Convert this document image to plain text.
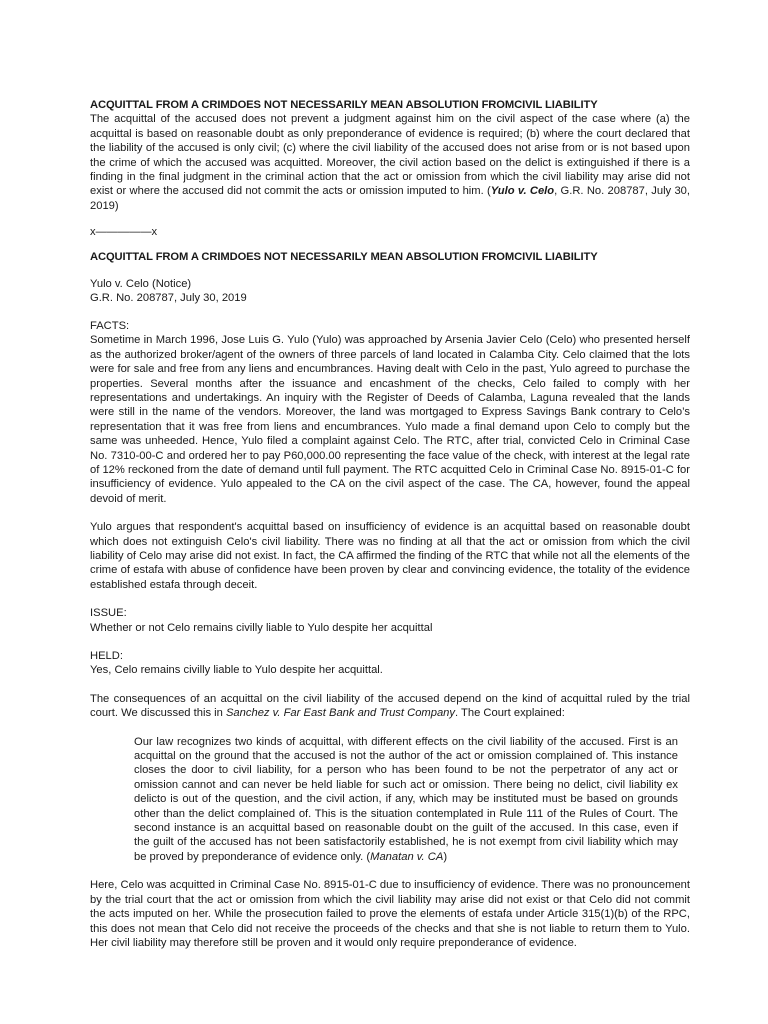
ACQUITTAL FROM A CRIMDOES NOT NECESSARILY MEAN ABSOLUTION FROMCIVIL LIABILITY

The acquittal of the accused does not prevent a judgment against him on the civil aspect of the case where (a) the acquittal is based on reasonable doubt as only preponderance of evidence is required; (b) where the court declared that the liability of the accused is only civil; (c) where the civil liability of the accused does not arise from or is not based upon the crime of which the accused was acquitted. Moreover, the civil action based on the delict is extinguished if there is a finding in the final judgment in the criminal action that the act or omission from which the civil liability may arise did not exist or where the accused did not commit the acts or omission imputed to him. (Yulo v. Celo, G.R. No. 208787, July 30, 2019)

x—————x
ACQUITTAL FROM A CRIMDOES NOT NECESSARILY MEAN ABSOLUTION FROMCIVIL LIABILITY
Yulo v. Celo (Notice)
G.R. No. 208787, July 30, 2019
FACTS:

Sometime in March 1996, Jose Luis G. Yulo (Yulo) was approached by Arsenia Javier Celo (Celo) who presented herself as the authorized broker/agent of the owners of three parcels of land located in Calamba City. Celo claimed that the lots were for sale and free from any liens and encumbrances. Having dealt with Celo in the past, Yulo agreed to purchase the properties. Several months after the issuance and encashment of the checks, Celo failed to comply with her representations and undertakings. An inquiry with the Register of Deeds of Calamba, Laguna revealed that the lands were still in the name of the vendors. Moreover, the land was mortgaged to Express Savings Bank contrary to Celo’s representation that it was free from liens and encumbrances. Yulo made a final demand upon Celo to comply but the same was unheeded. Hence, Yulo filed a complaint against Celo. The RTC, after trial, convicted Celo in Criminal Case No. 7310-00-C and ordered her to pay P60,000.00 representing the face value of the check, with interest at the legal rate of 12% reckoned from the date of demand until full payment. The RTC acquitted Celo in Criminal Case No. 8915-01-C for insufficiency of evidence. Yulo appealed to the CA on the civil aspect of the case. The CA, however, found the appeal devoid of merit.

Yulo argues that respondent's acquittal based on insufficiency of evidence is an acquittal based on reasonable doubt which does not extinguish Celo's civil liability. There was no finding at all that the act or omission from which the civil liability of Celo may arise did not exist. In fact, the CA affirmed the finding of the RTC that while not all the elements of the crime of estafa with abuse of confidence have been proven by clear and convincing evidence, the totality of the evidence established estafa through deceit.

ISSUE:
Whether or not Celo remains civilly liable to Yulo despite her acquittal
HELD:
Yes, Celo remains civilly liable to Yulo despite her acquittal.

The consequences of an acquittal on the civil liability of the accused depend on the kind of acquittal ruled by the trial court. We discussed this in Sanchez v. Far East Bank and Trust Company. The Court explained:

Our law recognizes two kinds of acquittal, with different effects on the civil liability of the accused. First is an acquittal on the ground that the accused is not the author of the act or omission complained of. This instance closes the door to civil liability, for a person who has been found to be not the perpetrator of any act or omission cannot and can never be held liable for such act or omission. There being no delict, civil liability ex delicto is out of the question, and the civil action, if any, which may be instituted must be based on grounds other than the delict complained of. This is the situation contemplated in Rule 111 of the Rules of Court. The second instance is an acquittal based on reasonable doubt on the guilt of the accused. In this case, even if the guilt of the accused has not been satisfactorily established, he is not exempt from civil liability which may be proved by preponderance of evidence only. (Manatan v. CA)

Here, Celo was acquitted in Criminal Case No. 8915-01-C due to insufficiency of evidence. There was no pronouncement by the trial court that the act or omission from which the civil liability may arise did not exist or that Celo did not commit the acts imputed on her. While the prosecution failed to prove the elements of estafa under Article 315(1)(b) of the RPC, this does not mean that Celo did not receive the proceeds of the checks and that she is not liable to return them to Yulo. Her civil liability may therefore still be proven and it would only require preponderance of evidence.
